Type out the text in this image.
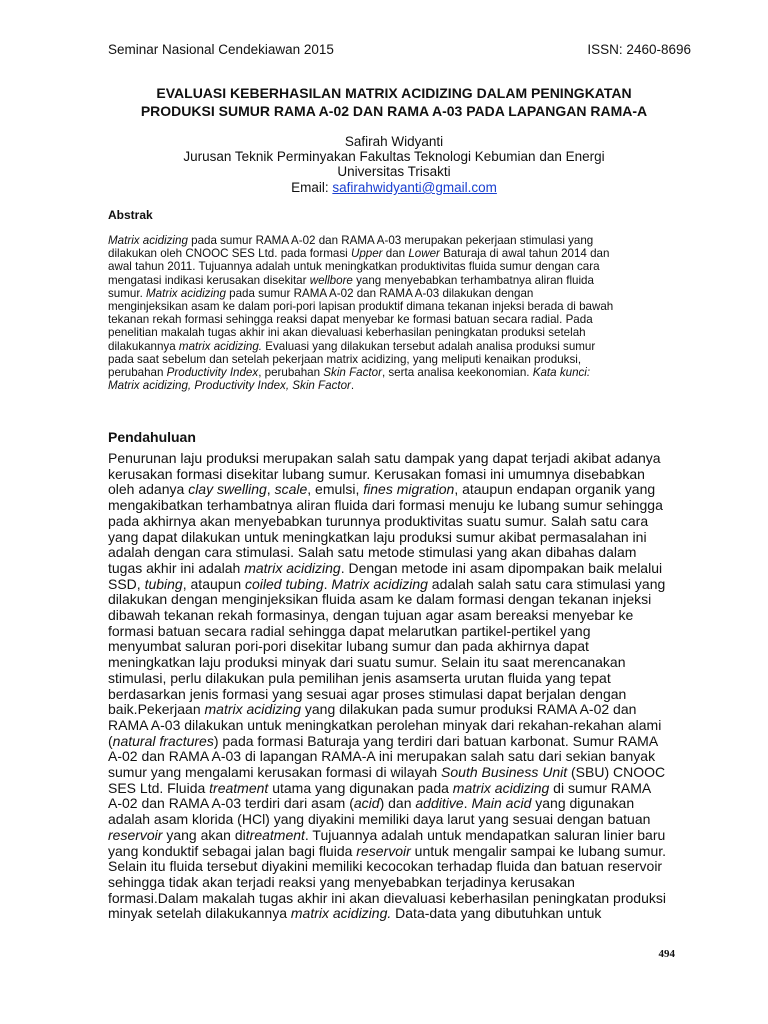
Seminar Nasional Cendekiawan 2015	ISSN: 2460-8696
EVALUASI KEBERHASILAN MATRIX ACIDIZING DALAM PENINGKATAN
PRODUKSI SUMUR RAMA A-02 DAN RAMA A-03 PADA LAPANGAN RAMA-A
Safirah Widyanti
Jurusan Teknik Perminyakan Fakultas Teknologi Kebumian dan Energi
Universitas Trisakti
Email: safirahwidyanti@gmail.com
Abstrak
Matrix acidizing pada sumur RAMA A-02 dan RAMA A-03 merupakan pekerjaan stimulasi yang
dilakukan oleh CNOOC SES Ltd. pada formasi Upper dan Lower Baturaja di awal tahun 2014 dan
awal tahun 2011. Tujuannya adalah untuk meningkatkan produktivitas fluida sumur dengan cara
mengatasi indikasi kerusakan disekitar wellbore yang menyebabkan terhambatnya aliran fluida
sumur. Matrix acidizing pada sumur RAMA A-02 dan RAMA A-03 dilakukan dengan
menginjeksikan asam ke dalam pori-pori lapisan produktif dimana tekanan injeksi berada di bawah
tekanan rekah formasi sehingga reaksi dapat menyebar ke formasi batuan secara radial. Pada
penelitian makalah tugas akhir ini akan dievaluasi keberhasilan peningkatan produksi setelah
dilakukannya matrix acidizing. Evaluasi yang dilakukan tersebut adalah analisa produksi sumur
pada saat sebelum dan setelah pekerjaan matrix acidizing, yang meliputi kenaikan produksi,
perubahan Productivity Index, perubahan Skin Factor, serta analisa keekonomian. Kata kunci:
Matrix acidizing, Productivity Index, Skin Factor.
Pendahuluan
Penurunan laju produksi merupakan salah satu dampak yang dapat terjadi akibat adanya
kerusakan formasi disekitar lubang sumur. Kerusakan fomasi ini umumnya disebabkan
oleh adanya clay swelling, scale, emulsi, fines migration, ataupun endapan organik yang
mengakibatkan terhambatnya aliran fluida dari formasi menuju ke lubang sumur sehingga
pada akhirnya akan menyebabkan turunnya produktivitas suatu sumur. Salah satu cara
yang dapat dilakukan untuk meningkatkan laju produksi sumur akibat permasalahan ini
adalah dengan cara stimulasi. Salah satu metode stimulasi yang akan dibahas dalam
tugas akhir ini adalah matrix acidizing. Dengan metode ini asam dipompakan baik melalui
SSD, tubing, ataupun coiled tubing. Matrix acidizing adalah salah satu cara stimulasi yang
dilakukan dengan menginjeksikan fluida asam ke dalam formasi dengan tekanan injeksi
dibawah tekanan rekah formasinya, dengan tujuan agar asam bereaksi menyebar ke
formasi batuan secara radial sehingga dapat melarutkan partikel-pertikel yang
menyumbat saluran pori-pori disekitar lubang sumur dan pada akhirnya dapat
meningkatkan laju produksi minyak dari suatu sumur. Selain itu saat merencanakan
stimulasi, perlu dilakukan pula pemilihan jenis asamserta urutan fluida yang tepat
berdasarkan jenis formasi yang sesuai agar proses stimulasi dapat berjalan dengan
baik.Pekerjaan matrix acidizing yang dilakukan pada sumur produksi RAMA A-02 dan
RAMA A-03 dilakukan untuk meningkatkan perolehan minyak dari rekahan-rekahan alami
(natural fractures) pada formasi Baturaja yang terdiri dari batuan karbonat. Sumur RAMA
A-02 dan RAMA A-03 di lapangan RAMA-A ini merupakan salah satu dari sekian banyak
sumur yang mengalami kerusakan formasi di wilayah South Business Unit (SBU) CNOOC
SES Ltd. Fluida treatment utama yang digunakan pada matrix acidizing di sumur RAMA
A-02 dan RAMA A-03 terdiri dari asam (acid) dan additive. Main acid yang digunakan
adalah asam klorida (HCl) yang diyakini memiliki daya larut yang sesuai dengan batuan
reservoir yang akan ditreatment. Tujuannya adalah untuk mendapatkan saluran linier baru
yang konduktif sebagai jalan bagi fluida reservoir untuk mengalir sampai ke lubang sumur.
Selain itu fluida tersebut diyakini memiliki kecocokan terhadap fluida dan batuan reservoir
sehingga tidak akan terjadi reaksi yang menyebabkan terjadinya kerusakan
formasi.Dalam makalah tugas akhir ini akan dievaluasi keberhasilan peningkatan produksi
minyak setelah dilakukannya matrix acidizing. Data-data yang dibutuhkan untuk
494
